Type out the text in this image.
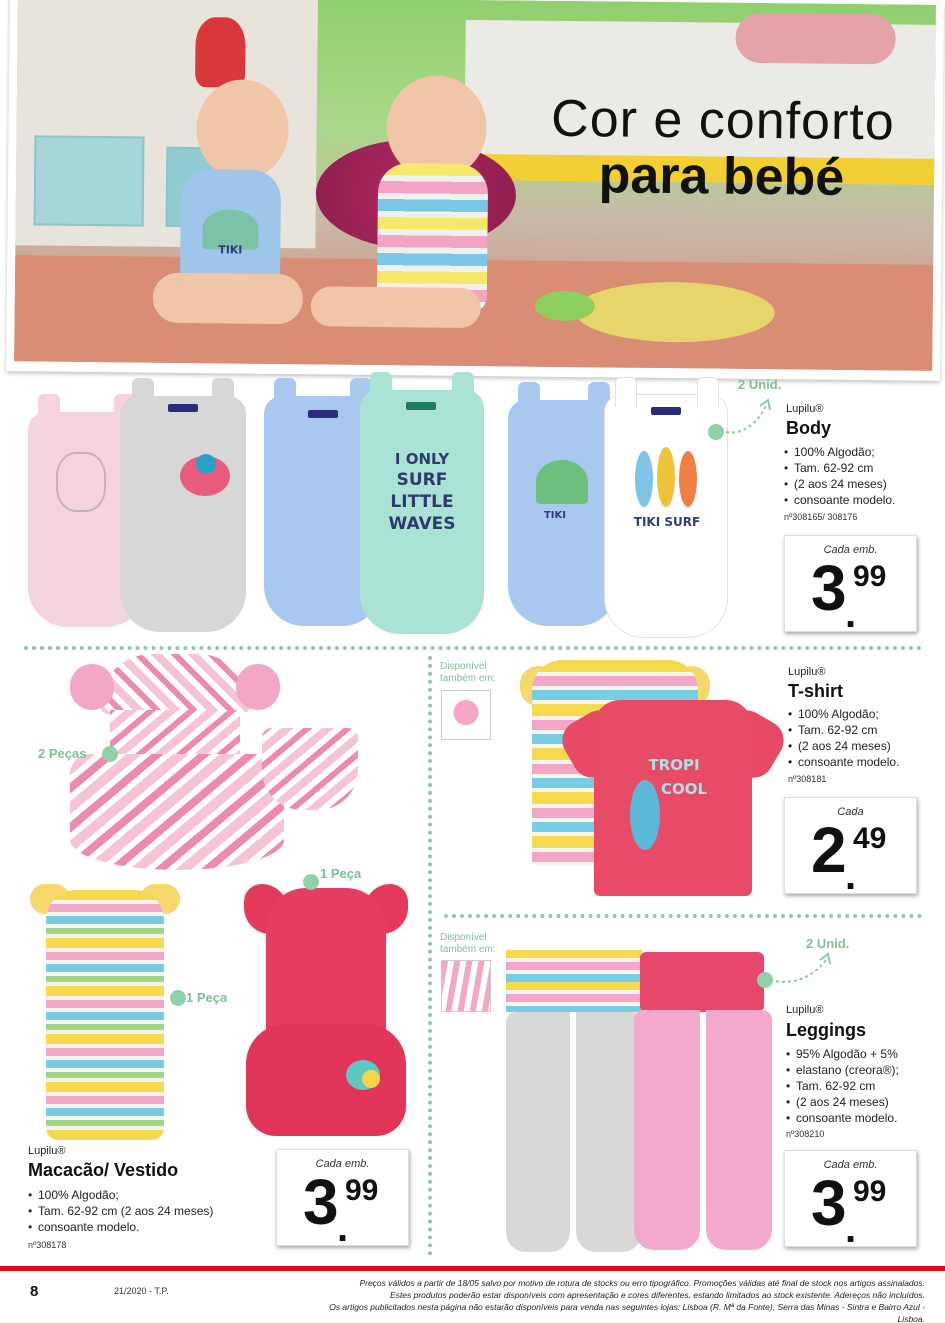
TIKI
Cor e conforto
para bebé
I ONLY
SURF
LITTLE
WAVES	TIKI	TIKI SURF
2 Unid.
Lupilu®
Body
• 100% Algodão;
• Tam. 62-92 cm
• (2 aos 24 meses)
• consoante modelo.
nº308165/ 308176
Cada emb.
3
.
99
2 Peças
1 Peça
1 Peça
Lupilu®
Macacão/ Vestido
• 100% Algodão;
• Tam. 62-92 cm (2 aos 24 meses)
• consoante modelo.
nº308178
Cada emb.
3
.
99
Disponível também em:
TROPI
COOL
Lupilu®
T-shirt
• 100% Algodão;
• Tam. 62-92 cm
• (2 aos 24 meses)
• consoante modelo.
nº308181
Cada
2
.
49
Disponível também em:	2 Unid.
Lupilu®
Leggings
• 95% Algodão + 5%
• elastano (creora®);
• Tam. 62-92 cm
• (2 aos 24 meses)
• consoante modelo.
nº308210
Cada emb.
3
.
99
8	21/2020 - T.P.
Preços válidos a partir de 18/05 salvo por motivo de rotura de stocks ou erro tipográfico. Promoções válidas até final de stock nos artigos assinalados.
Estes produtos poderão estar disponíveis com apresentação e cores diferentes, estando limitados ao stock existente. Adereços não incluídos.
Os artigos publicitados nesta página não estarão disponíveis para venda nas seguintes lojas: Lisboa (R. Mª da Fonte), Serra das Minas - Sintra e Bairro Azul - Lisboa.
